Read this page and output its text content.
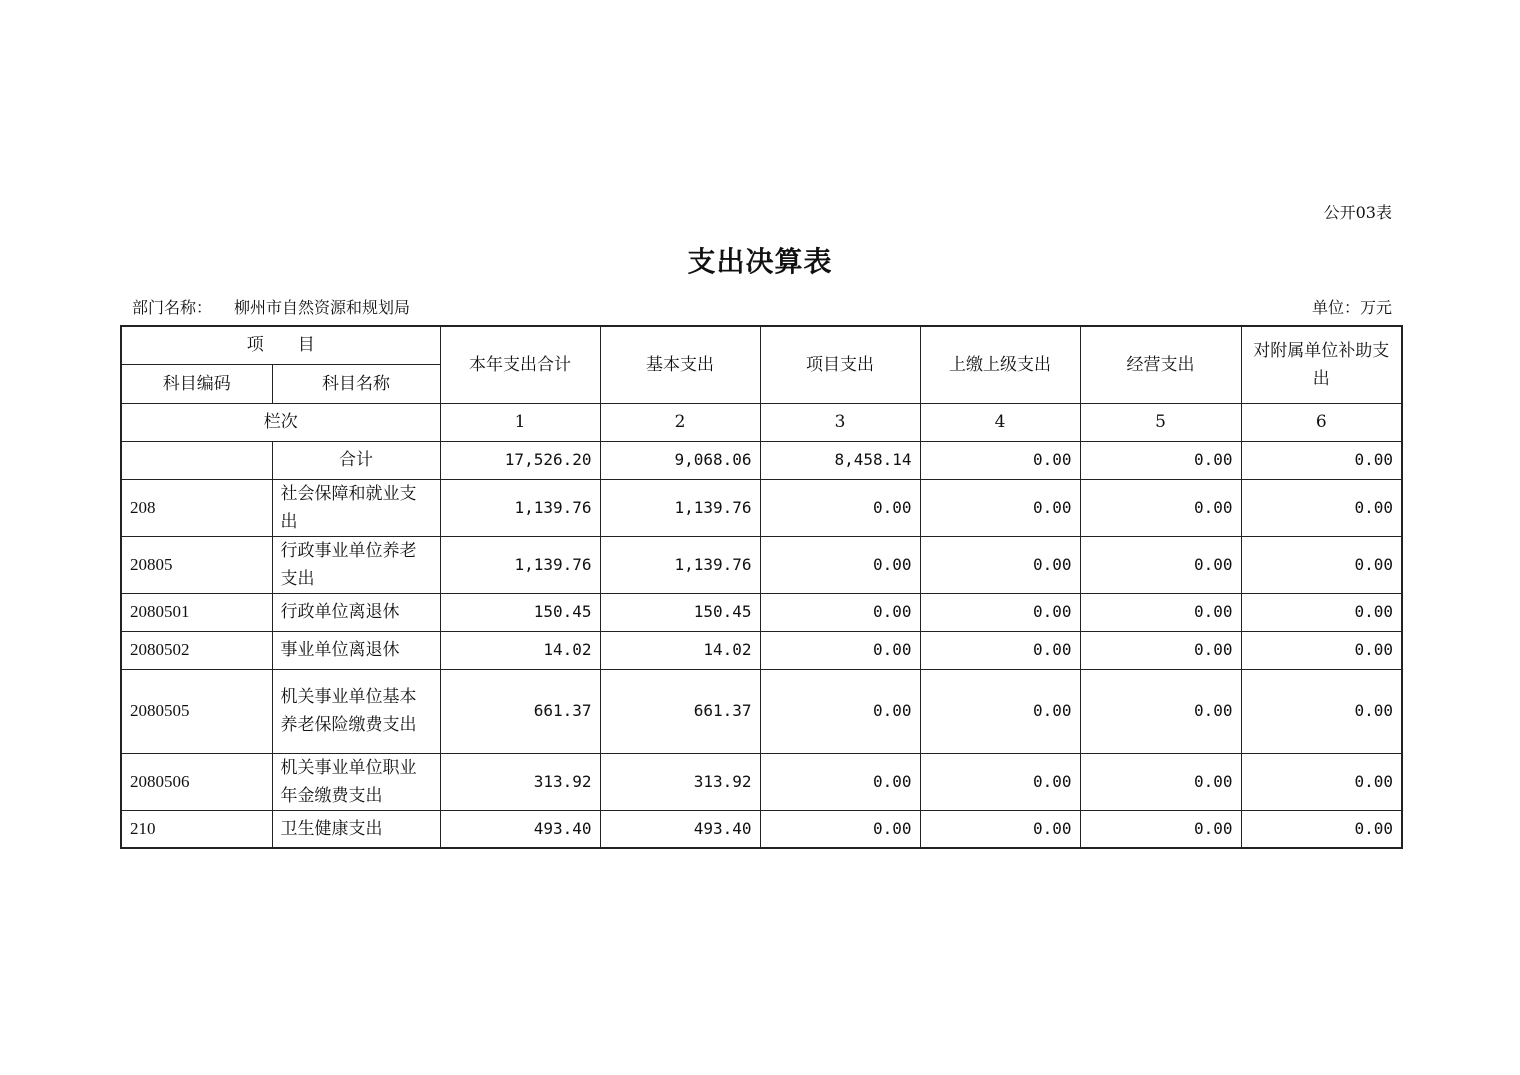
公开03表
支出决算表
部门名称： 柳州市自然资源和规划局	单位：万元
项　　目		本年支出合计	基本支出	项目支出	上缴上级支出	经营支出	对附属单位补助支出
科目编码	科目名称						
栏次		1	2	3	4	5	6
	合计	17,526.20	9,068.06	8,458.14	0.00	0.00	0.00
208	社会保障和就业支出	1,139.76	1,139.76	0.00	0.00	0.00	0.00
20805	行政事业单位养老支出	1,139.76	1,139.76	0.00	0.00	0.00	0.00
2080501	行政单位离退休	150.45	150.45	0.00	0.00	0.00	0.00
2080502	事业单位离退休	14.02	14.02	0.00	0.00	0.00	0.00
2080505	机关事业单位基本养老保险缴费支出	661.37	661.37	0.00	0.00	0.00	0.00
2080506	机关事业单位职业年金缴费支出	313.92	313.92	0.00	0.00	0.00	0.00
210	卫生健康支出	493.40	493.40	0.00	0.00	0.00	0.00
